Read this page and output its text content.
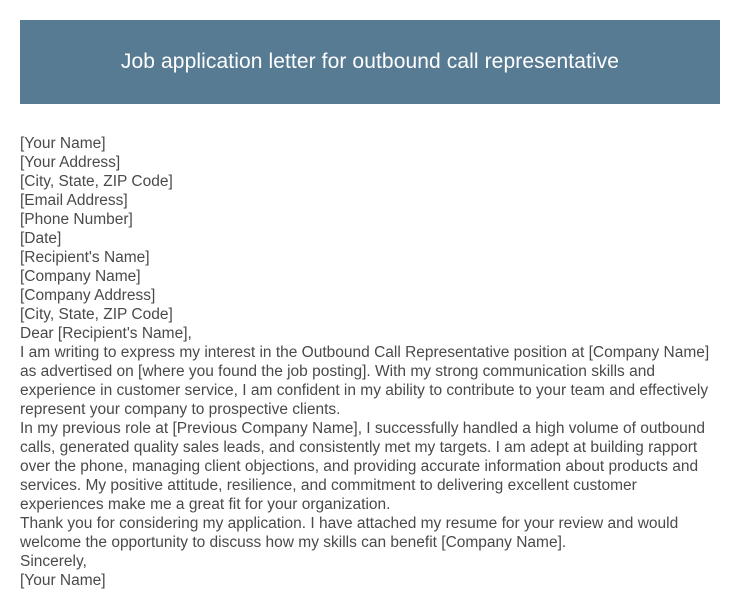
Job application letter for outbound call representative
[Your Name]
[Your Address]
[City, State, ZIP Code]
[Email Address]
[Phone Number]
[Date]
[Recipient's Name]
[Company Name]
[Company Address]
[City, State, ZIP Code]
Dear [Recipient's Name],

I am writing to express my interest in the Outbound Call Representative position at [Company Name] as advertised on [where you found the job posting]. With my strong communication skills and experience in customer service, I am confident in my ability to contribute to your team and effectively represent your company to prospective clients.

In my previous role at [Previous Company Name], I successfully handled a high volume of outbound calls, generated quality sales leads, and consistently met my targets. I am adept at building rapport over the phone, managing client objections, and providing accurate information about products and services. My positive attitude, resilience, and commitment to delivering excellent customer experiences make me a great fit for your organization.

Thank you for considering my application. I have attached my resume for your review and would welcome the opportunity to discuss how my skills can benefit [Company Name].

Sincerely,
[Your Name]
